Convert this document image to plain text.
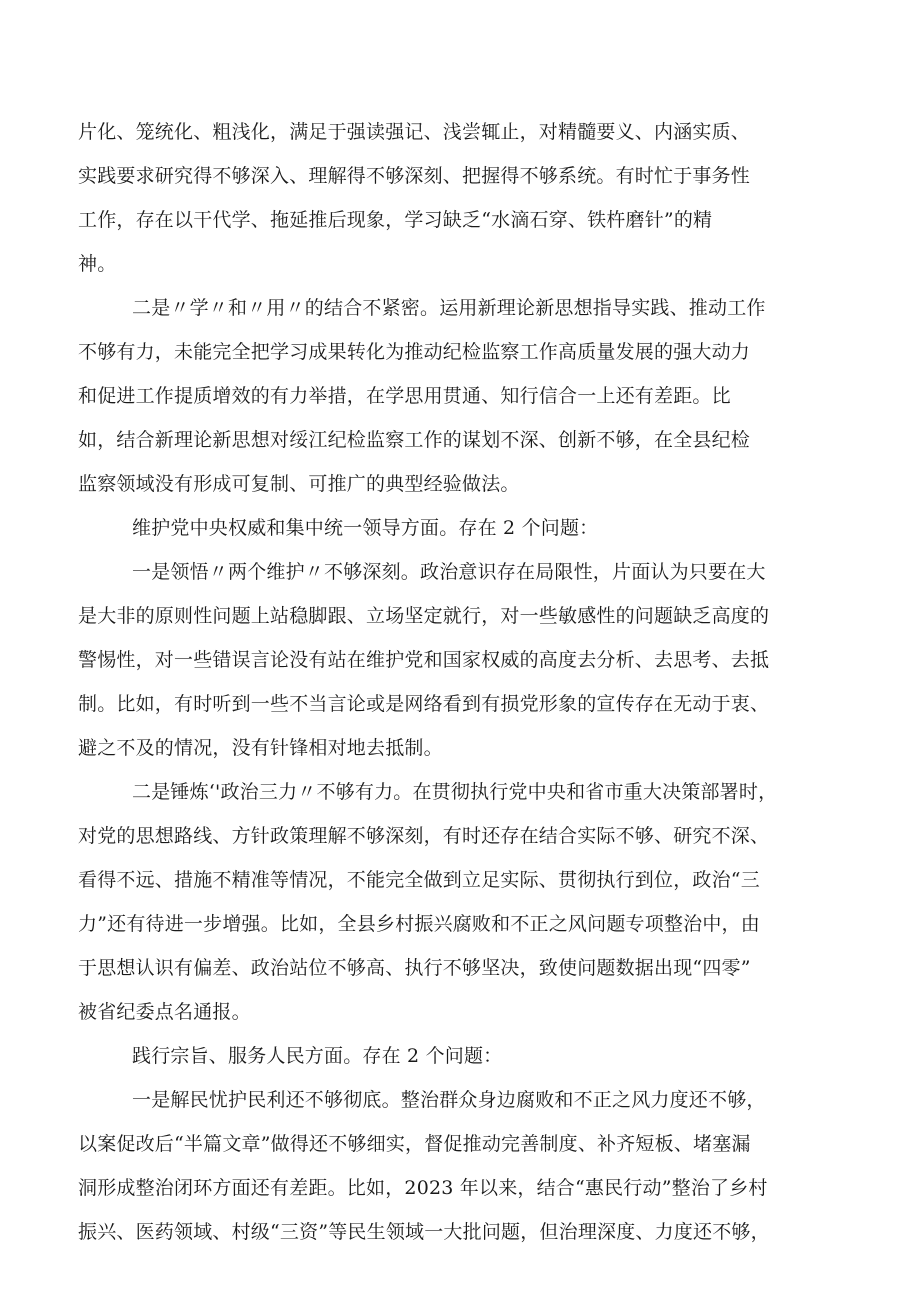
片化、笼统化、粗浅化，满足于强读强记、浅尝辄止，对精髓要义、内涵实质、
实践要求研究得不够深入、理解得不够深刻、把握得不够系统。有时忙于事务性
工作，存在以干代学、拖延推后现象，学习缺乏“水滴石穿、铁杵磨针”的精
神。
二是〃学〃和〃用〃的结合不紧密。运用新理论新思想指导实践、推动工作
不够有力，未能完全把学习成果转化为推动纪检监察工作高质量发展的强大动力
和促进工作提质增效的有力举措，在学思用贯通、知行信合一上还有差距。比
如，结合新理论新思想对绥江纪检监察工作的谋划不深、创新不够，在全县纪检
监察领域没有形成可复制、可推广的典型经验做法。
维护党中央权威和集中统一领导方面。存在 2 个问题：
一是领悟〃两个维护〃不够深刻。政治意识存在局限性，片面认为只要在大
是大非的原则性问题上站稳脚跟、立场坚定就行，对一些敏感性的问题缺乏高度的
警惕性，对一些错误言论没有站在维护党和国家权威的高度去分析、去思考、去抵
制。比如，有时听到一些不当言论或是网络看到有损党形象的宣传存在无动于衷、
避之不及的情况，没有针锋相对地去抵制。
二是锤炼‘'政治三力〃不够有力。在贯彻执行党中央和省市重大决策部署时，
对党的思想路线、方针政策理解不够深刻，有时还存在结合实际不够、研究不深、
看得不远、措施不精准等情况，不能完全做到立足实际、贯彻执行到位，政治“三
力”还有待进一步增强。比如，全县乡村振兴腐败和不正之风问题专项整治中，由
于思想认识有偏差、政治站位不够高、执行不够坚决，致使问题数据出现“四零”
被省纪委点名通报。
践行宗旨、服务人民方面。存在 2 个问题：
一是解民忧护民利还不够彻底。整治群众身边腐败和不正之风力度还不够，
以案促改后“半篇文章”做得还不够细实，督促推动完善制度、补齐短板、堵塞漏
洞形成整治闭环方面还有差距。比如，2023 年以来，结合“惠民行动”整治了乡村
振兴、医药领域、村级“三资”等民生领域一大批问题，但治理深度、力度还不够，
